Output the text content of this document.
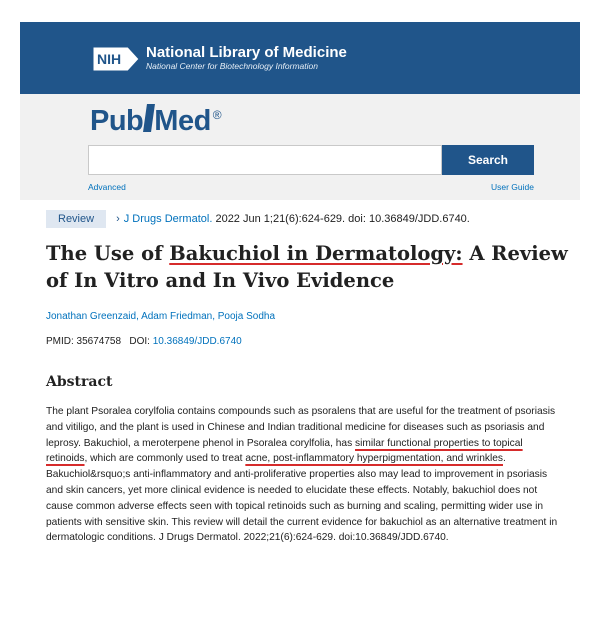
NIH National Library of Medicine
National Center for Biotechnology Information
Pub Med ®
Search
Advanced	User Guide
Review	› J Drugs Dermatol. 2022 Jun 1;21(6):624-629. doi: 10.36849/JDD.6740.
The Use of Bakuchiol in Dermatology: A Review of In Vitro and In Vivo Evidence
Jonathan Greenzaid, Adam Friedman, Pooja Sodha
PMID: 35674758 DOI: 10.36849/JDD.6740
Abstract
The plant Psoralea corylfolia contains compounds such as psoralens that are useful for the treatment of psoriasis and vitiligo, and the plant is used in Chinese and Indian traditional medicine for diseases such as psoriasis and leprosy. Bakuchiol, a meroterpene phenol in Psoralea corylfolia, has similar functional properties to topical retinoids, which are commonly used to treat acne, post-inflammatory hyperpigmentation, and wrinkles. Bakuchiol&rsquo;s anti-inflammatory and anti-proliferative properties also may lead to improvement in psoriasis and skin cancers, yet more clinical evidence is needed to elucidate these effects. Notably, bakuchiol does not cause common adverse effects seen with topical retinoids such as burning and scaling, permitting wider use in patients with sensitive skin. This review will detail the current evidence for bakuchiol as an alternative treatment in dermatologic conditions. J Drugs Dermatol. 2022;21(6):624-629. doi:10.36849/JDD.6740.
